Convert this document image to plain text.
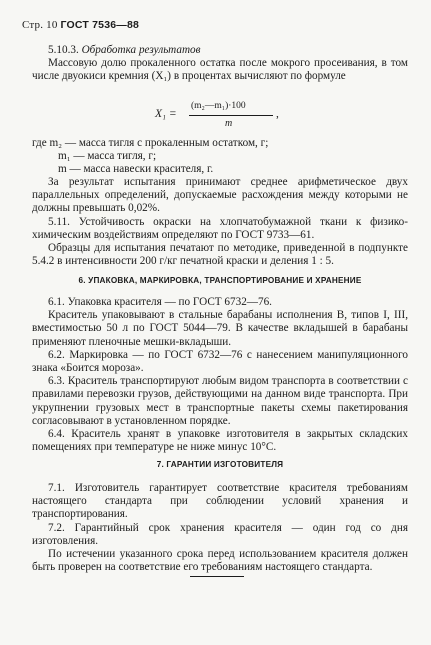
Стр. 10 ГОСТ 7536—88

5.10.3. Обработка результатов

Массовую долю прокаленного остатка после мокрого просеивания, в том числе двуокиси кремния (X₁) в процентах вычисляют по формуле

X₁ =
(m₂—m₁)·100
m
,
где m₂ — масса тигля с прокаленным остатком, г;
m₁ — масса тигля, г;
m — масса навески красителя, г.

За результат испытания принимают среднее арифметическое двух параллельных определений, допускаемые расхождения между которыми не должны превышать 0,02%.

5.11. Устойчивость окраски на хлопчатобумажной ткани к физико-химическим воздействиям определяют по ГОСТ 9733—61.

Образцы для испытания печатают по методике, приведенной в подпункте 5.4.2 в интенсивности 200 г/кг печатной краски и деления 1 : 5.

6. УПАКОВКА, МАРКИРОВКА, ТРАНСПОРТИРОВАНИЕ И ХРАНЕНИЕ

6.1. Упаковка красителя — по ГОСТ 6732—76.

Краситель упаковывают в стальные барабаны исполнения В, типов I, III, вместимостью 50 л по ГОСТ 5044—79. В качестве вкладышей в барабаны применяют пленочные мешки-вкладыши.

6.2. Маркировка — по ГОСТ 6732—76 с нанесением манипуляционного знака «Боится мороза».

6.3. Краситель транспортируют любым видом транспорта в соответствии с правилами перевозки грузов, действующими на данном виде транспорта. При укрупнении грузовых мест в транспортные пакеты схемы пакетирования согласовывают в установленном порядке.

6.4. Краситель хранят в упаковке изготовителя в закрытых складских помещениях при температуре не ниже минус 10°С.

7. ГАРАНТИИ ИЗГОТОВИТЕЛЯ

7.1. Изготовитель гарантирует соответствие красителя требованиям настоящего стандарта при соблюдении условий хранения и транспортирования.

7.2. Гарантийный срок хранения красителя — один год со дня изготовления.

По истечении указанного срока перед использованием красителя должен быть проверен на соответствие его требованиям настоящего стандарта.
